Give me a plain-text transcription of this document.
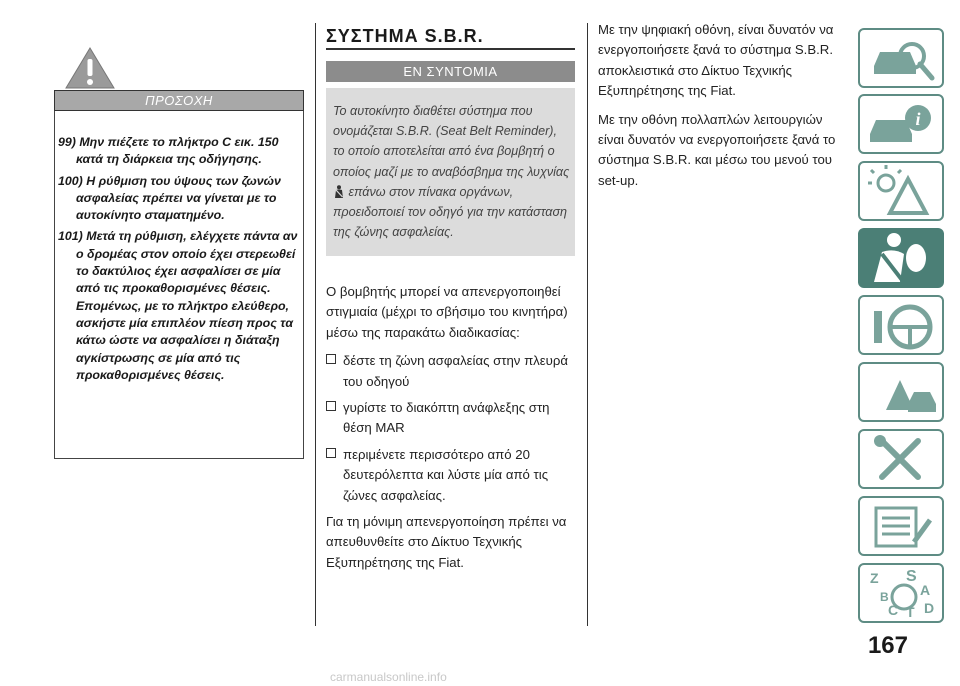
ΠΡΟΣΟΧΗ

99) Μην πιέζετε το πλήκτρο C εικ. 150 κατά τη διάρκεια της οδήγησης.

100) Η ρύθμιση του ύψους των ζωνών ασφαλείας πρέπει να γίνεται με το αυτοκίνητο σταματημένο.

101) Μετά τη ρύθμιση, ελέγχετε πάντα αν ο δρομέας στον οποίο έχει στερεωθεί το δακτύλιος έχει ασφαλίσει σε μία από τις προκαθορισμένες θέσεις. Επομένως, με το πλήκτρο ελεύθερο, ασκήστε μία επιπλέον πίεση προς τα κάτω ώστε να ασφαλίσει η διάταξη αγκίστρωσης σε μία από τις προκαθορισμένες θέσεις.

ΣΥΣΤΗΜΑ S.B.R.
ΕΝ ΣΥΝΤΟΜΙΑ
Το αυτοκίνητο διαθέτει σύστημα που ονομάζεται S.B.R. (Seat Belt Reminder), το οποίο αποτελείται από ένα βομβητή ο οποίος μαζί με το αναβόσβημα της λυχνίας  επάνω στον πίνακα οργάνων, προειδοποιεί τον οδηγό για την κατάσταση της ζώνης ασφαλείας.

Ο βομβητής μπορεί να απενεργοποιηθεί στιγμιαία (μέχρι το σβήσιμο του κινητήρα) μέσω της παρακάτω διαδικασίας:

δέστε τη ζώνη ασφαλείας στην πλευρά του οδηγού

γυρίστε το διακόπτη ανάφλεξης στη θέση MAR

περιμένετε περισσότερο από 20 δευτερόλεπτα και λύστε μία από τις ζώνες ασφαλείας.

Για τη μόνιμη απενεργοποίηση πρέπει να απευθυνθείτε στο Δίκτυο Τεχνικής Εξυπηρέτησης της Fiat.

Με την ψηφιακή οθόνη, είναι δυνατόν να ενεργοποιήσετε ξανά το σύστημα S.B.R. αποκλειστικά στο Δίκτυο Τεχνικής Εξυπηρέτησης της Fiat.

Με την οθόνη πολλαπλών λειτουργιών είναι δυνατόν να ενεργοποιήσετε ξανά το σύστημα S.B.R. και μέσω του μενού του set-up.

i
Z S
A
B
C T D
167
carmanualsonline.info
